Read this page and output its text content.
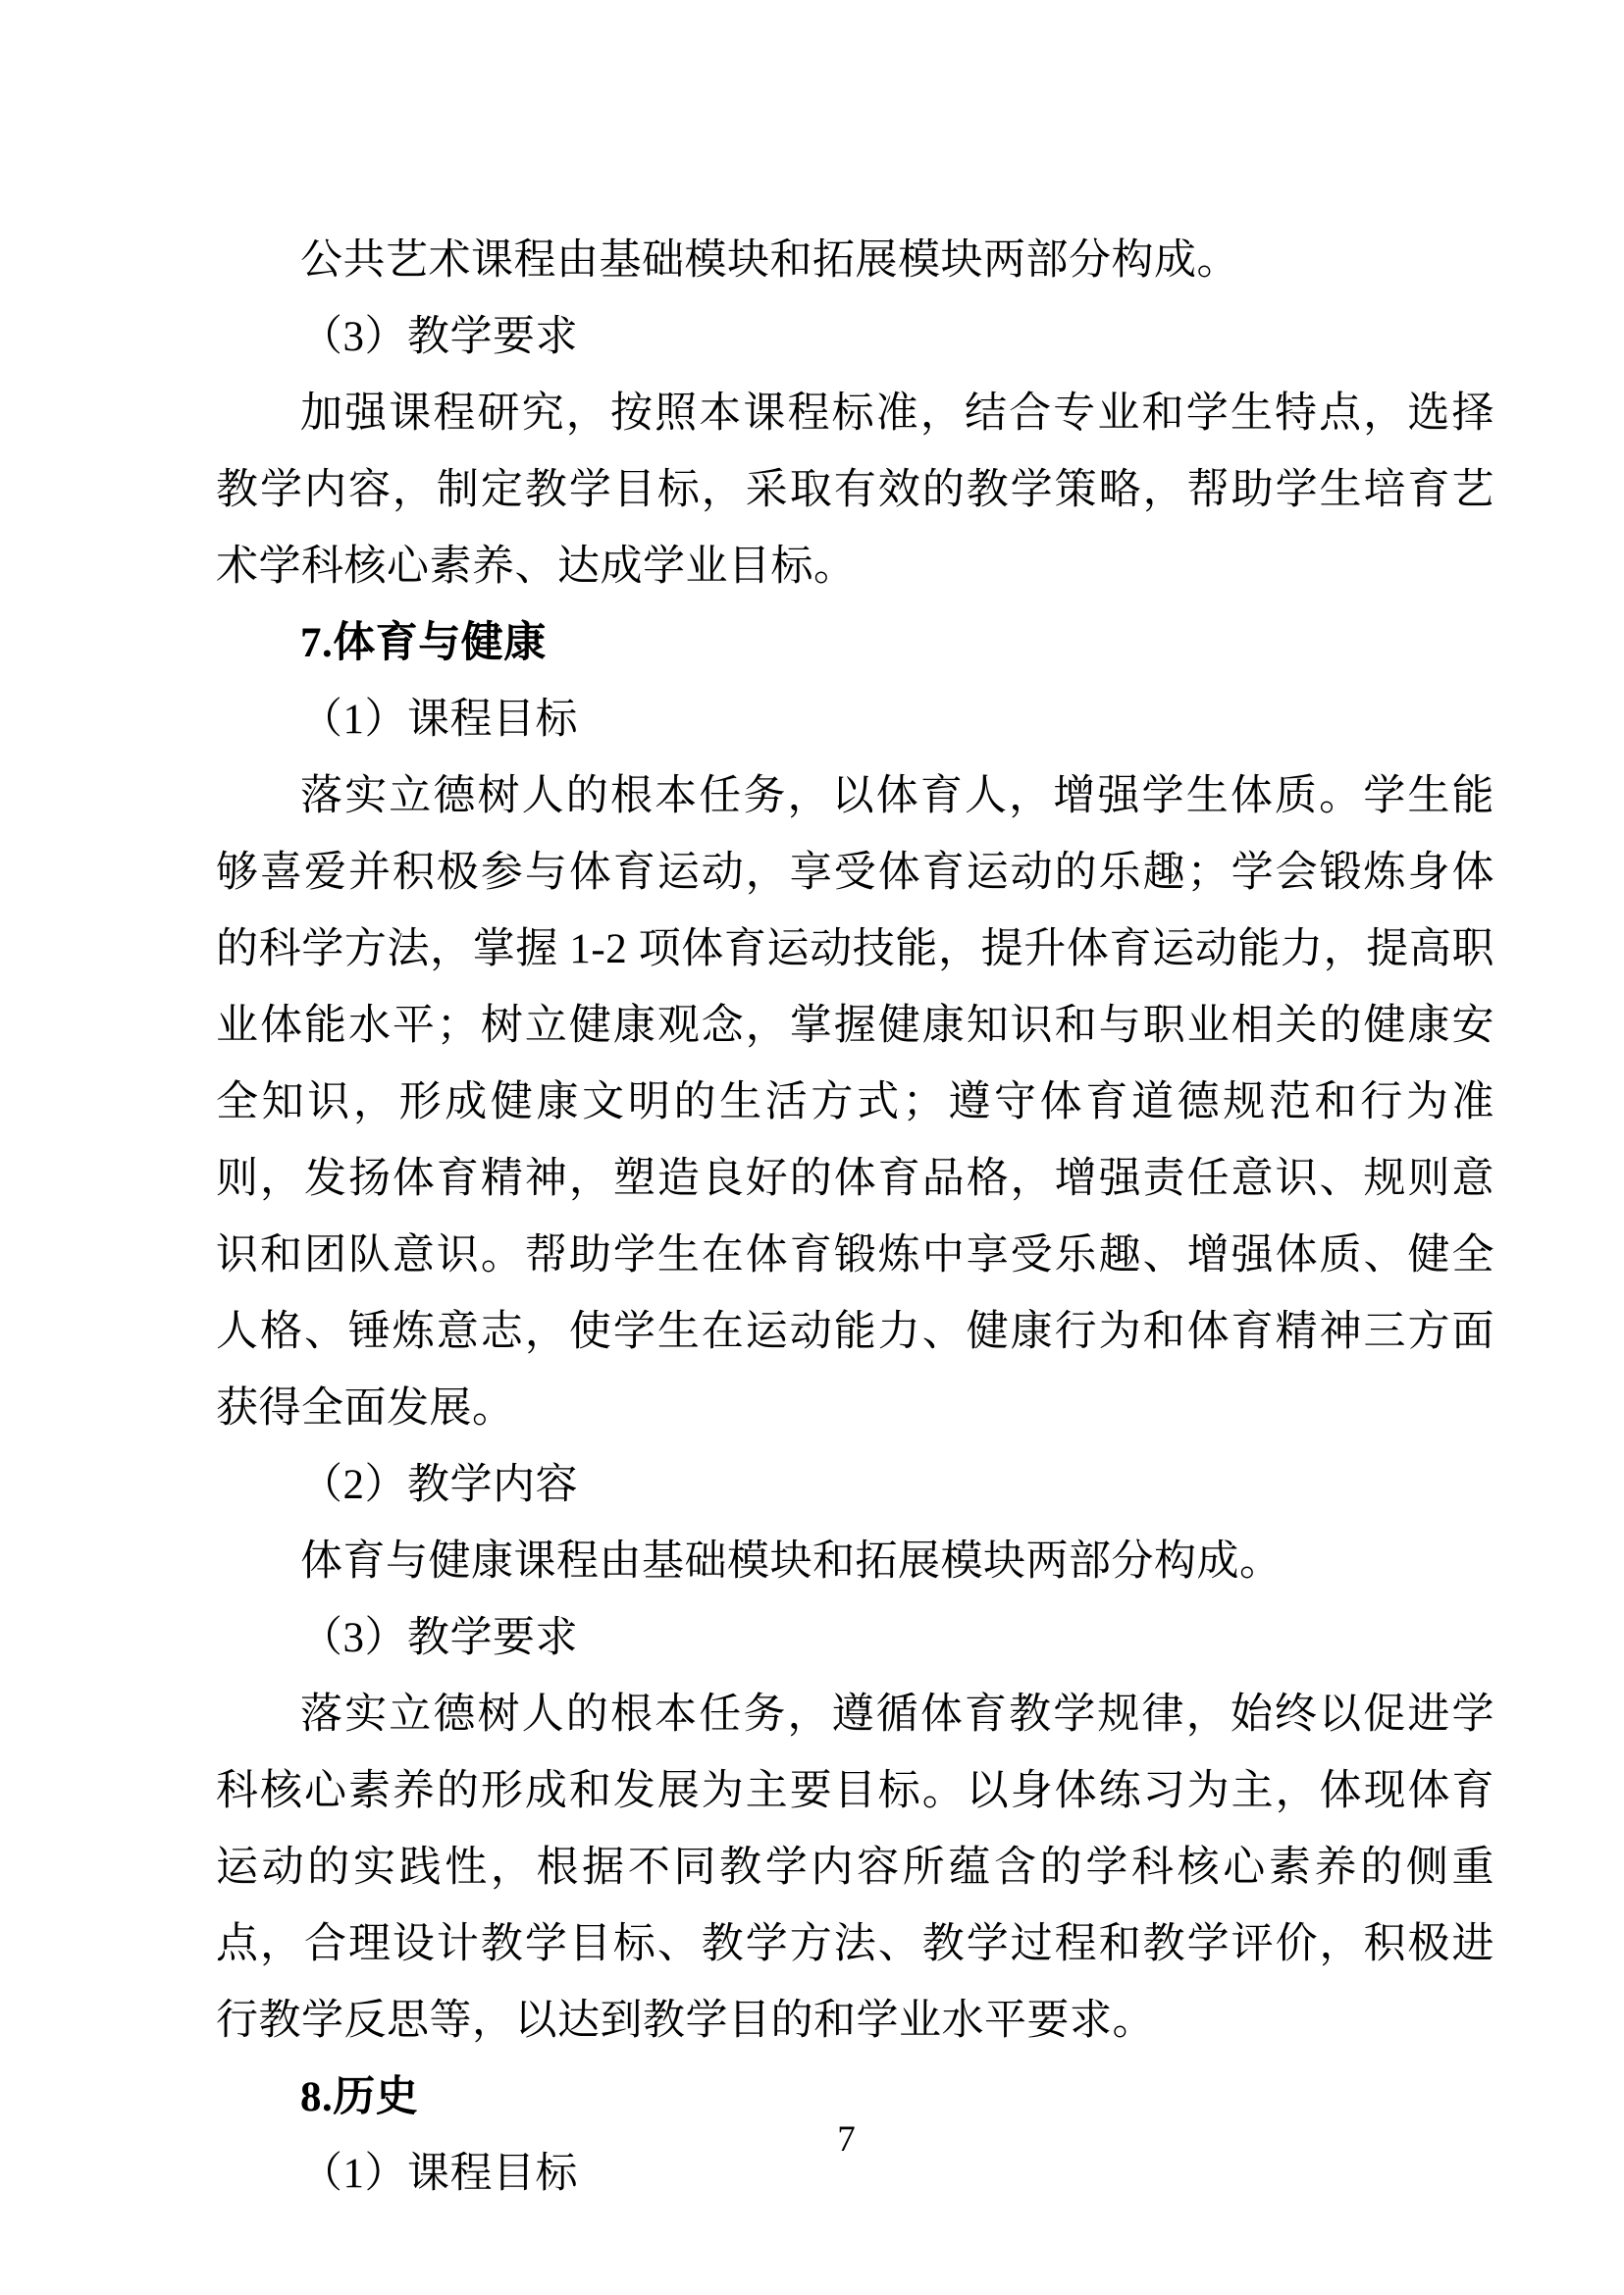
公共艺术课程由基础模块和拓展模块两部分构成。

（3）教学要求

加强课程研究，按照本课程标准，结合专业和学生特点，选择教学内容，制定教学目标，采取有效的教学策略，帮助学生培育艺术学科核心素养、达成学业目标。

7.体育与健康

（1）课程目标

落实立德树人的根本任务，以体育人，增强学生体质。学生能够喜爱并积极参与体育运动，享受体育运动的乐趣；学会锻炼身体的科学方法，掌握 1-2 项体育运动技能，提升体育运动能力，提高职业体能水平；树立健康观念，掌握健康知识和与职业相关的健康安全知识，形成健康文明的生活方式；遵守体育道德规范和行为准则，发扬体育精神，塑造良好的体育品格，增强责任意识、规则意识和团队意识。帮助学生在体育锻炼中享受乐趣、增强体质、健全人格、锤炼意志，使学生在运动能力、健康行为和体育精神三方面获得全面发展。

（2）教学内容

体育与健康课程由基础模块和拓展模块两部分构成。

（3）教学要求

落实立德树人的根本任务，遵循体育教学规律，始终以促进学科核心素养的形成和发展为主要目标。以身体练习为主，体现体育运动的实践性，根据不同教学内容所蕴含的学科核心素养的侧重点，合理设计教学目标、教学方法、教学过程和教学评价，积极进行教学反思等，以达到教学目的和学业水平要求。

8.历史

（1）课程目标

7
